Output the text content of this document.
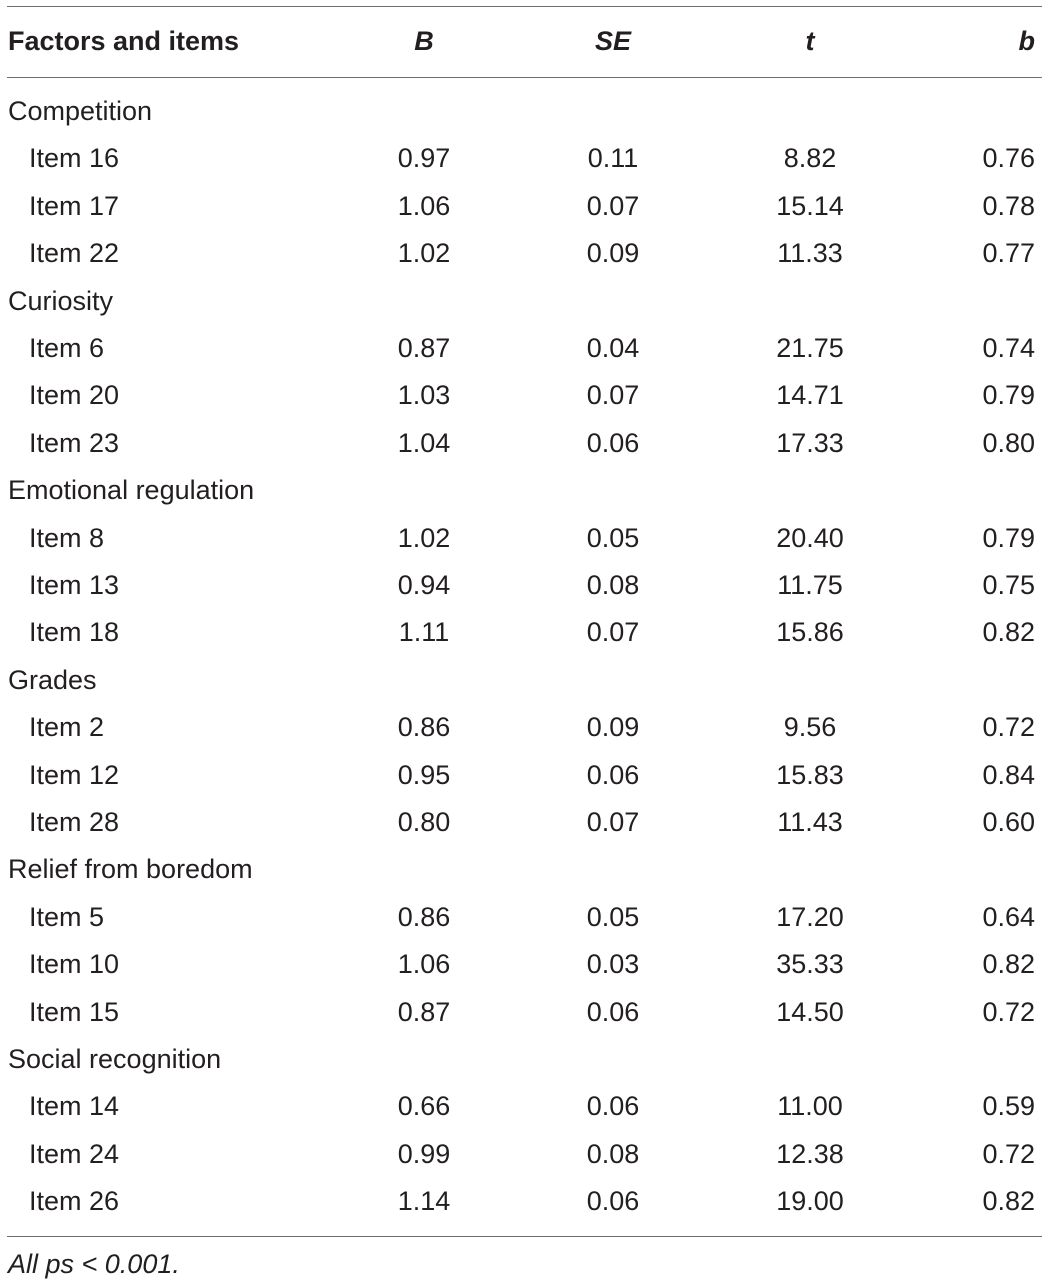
Factors and items	B	SE	t	b
Competition
Item 16	0.97	0.11	8.82	0.76
Item 17	1.06	0.07	15.14	0.78
Item 22	1.02	0.09	11.33	0.77
Curiosity
Item 6	0.87	0.04	21.75	0.74
Item 20	1.03	0.07	14.71	0.79
Item 23	1.04	0.06	17.33	0.80
Emotional regulation
Item 8	1.02	0.05	20.40	0.79
Item 13	0.94	0.08	11.75	0.75
Item 18	1.11	0.07	15.86	0.82
Grades
Item 2	0.86	0.09	9.56	0.72
Item 12	0.95	0.06	15.83	0.84
Item 28	0.80	0.07	11.43	0.60
Relief from boredom
Item 5	0.86	0.05	17.20	0.64
Item 10	1.06	0.03	35.33	0.82
Item 15	0.87	0.06	14.50	0.72
Social recognition
Item 14	0.66	0.06	11.00	0.59
Item 24	0.99	0.08	12.38	0.72
Item 26	1.14	0.06	19.00	0.82
All ps < 0.001.
